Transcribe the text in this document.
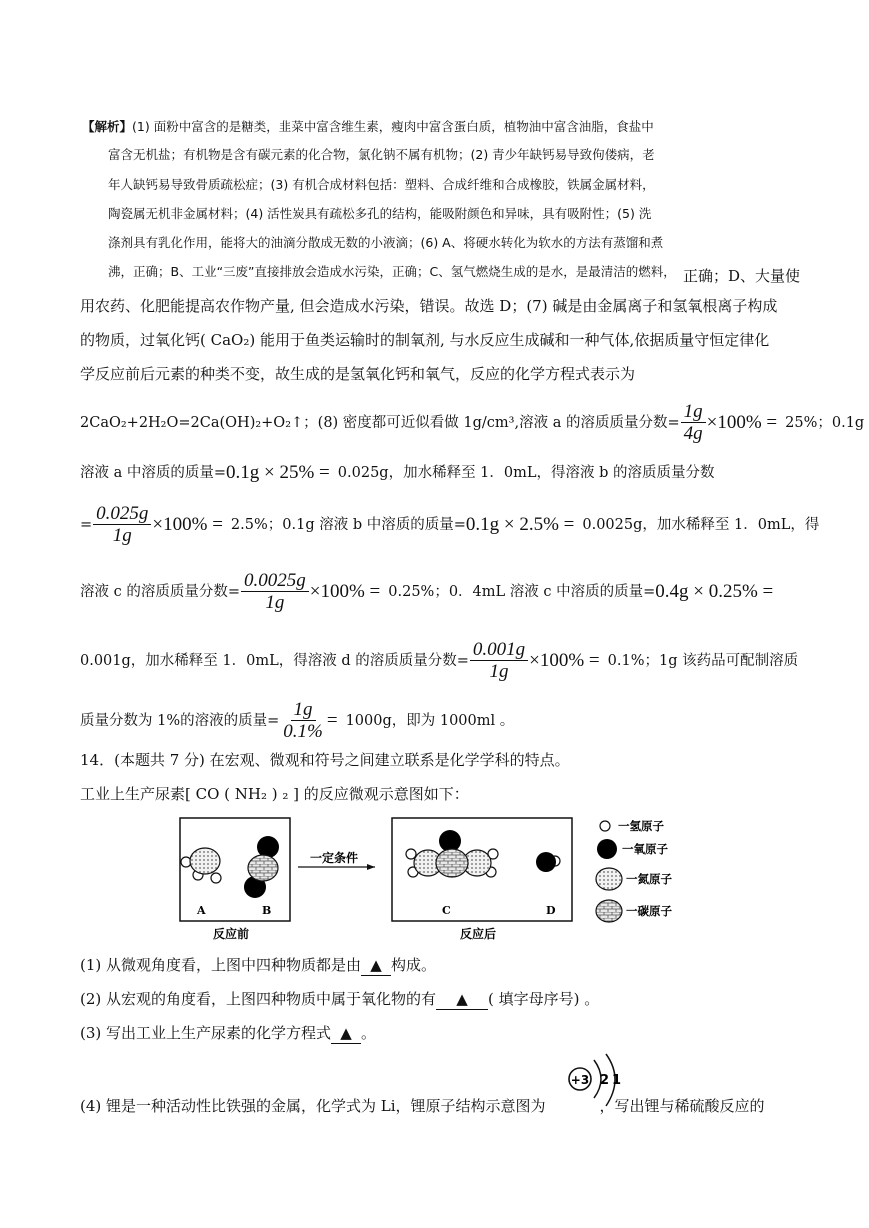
【解析】(1) 面粉中富含的是糖类，韭菜中富含维生素，瘦肉中富含蛋白质，植物油中富含油脂，食盐中
富含无机盐；有机物是含有碳元素的化合物，氯化钠不属有机物；(2) 青少年缺钙易导致佝偻病，老
年人缺钙易导致骨质疏松症；(3) 有机合成材料包括：塑料、合成纤维和合成橡胶，铁属金属材料，
陶瓷属无机非金属材料；(4) 活性炭具有疏松多孔的结构，能吸附颜色和异味，具有吸附性；(5) 洗
涤剂具有乳化作用，能将大的油滴分散成无数的小液滴；(6) A、将硬水转化为软水的方法有蒸馏和煮
沸，正确；B、工业“三废”直接排放会造成水污染，正确；C、氢气燃烧生成的是水，是最清洁的燃料， 正确；D、大量使
用农药、化肥能提高农作物产量, 但会造成水污染，错误。故选 D；(7) 碱是由金属离子和氢氧根离子构成
的物质，过氧化钙( CaO₂) 能用于鱼类运输时的制氧剂, 与水反应生成碱和一种气体,依据质量守恒定律化
学反应前后元素的种类不变，故生成的是氢氧化钙和氧气，反应的化学方程式表示为
2CaO₂+2H₂O=2Ca(OH)₂+O₂↑；(8) 密度都可近似看做 1g/cm³,溶液 a 的溶质质量分数= $\frac{1g}{4g} \times 100\% = 25\%$；0.1g
溶液 a 中溶质的质量= 0.1g × 25% = 0.025g，加水稀释至 1．0mL，得溶液 b 的溶质质量分数
= $\frac{0.025g}{1g} \times 100\% = 2.5\%$；0.1g 溶液 b 中溶质的质量= 0.1g × 2.5% = 0.0025g，加水稀释至 1．0mL，得
溶液 c 的溶质质量分数= $\frac{0.0025g}{1g} \times 100\% = 0.25\%$；0．4mL 溶液 c 中溶质的质量= 0.4g × 0.25% =
0.001g，加水稀释至 1．0mL，得溶液 d 的溶质质量分数= $\frac{0.001g}{1g} \times 100\% = 0.1\%$；1g 该药品可配制溶质
质量分数为 1%的溶液的质量= $\frac{1g}{0.1\%} = 1000g$，即为 1000ml 。
14．(本题共 7 分) 在宏观、微观和符号之间建立联系是化学学科的特点。
工业上生产尿素[ CO ( NH₂ ) ₂ ] 的反应微观示意图如下：
A	B
反应前
一定条件
C	D
反应后
一氢原子
一氧原子
一氮原子
一碳原子
(1) 从微观角度看，上图中四种物质都是由 ▲ 构成。
(2) 从宏观的角度看，上图四种物质中属于氧化物的有 ▲ ( 填字母序号) 。
(3) 写出工业上生产尿素的化学方程式 ▲ 。
(4) 锂是一种活动性比铁强的金属，化学式为 Li，锂原子结构示意图为	，写出锂与稀硫酸反应的
+3 2 1
